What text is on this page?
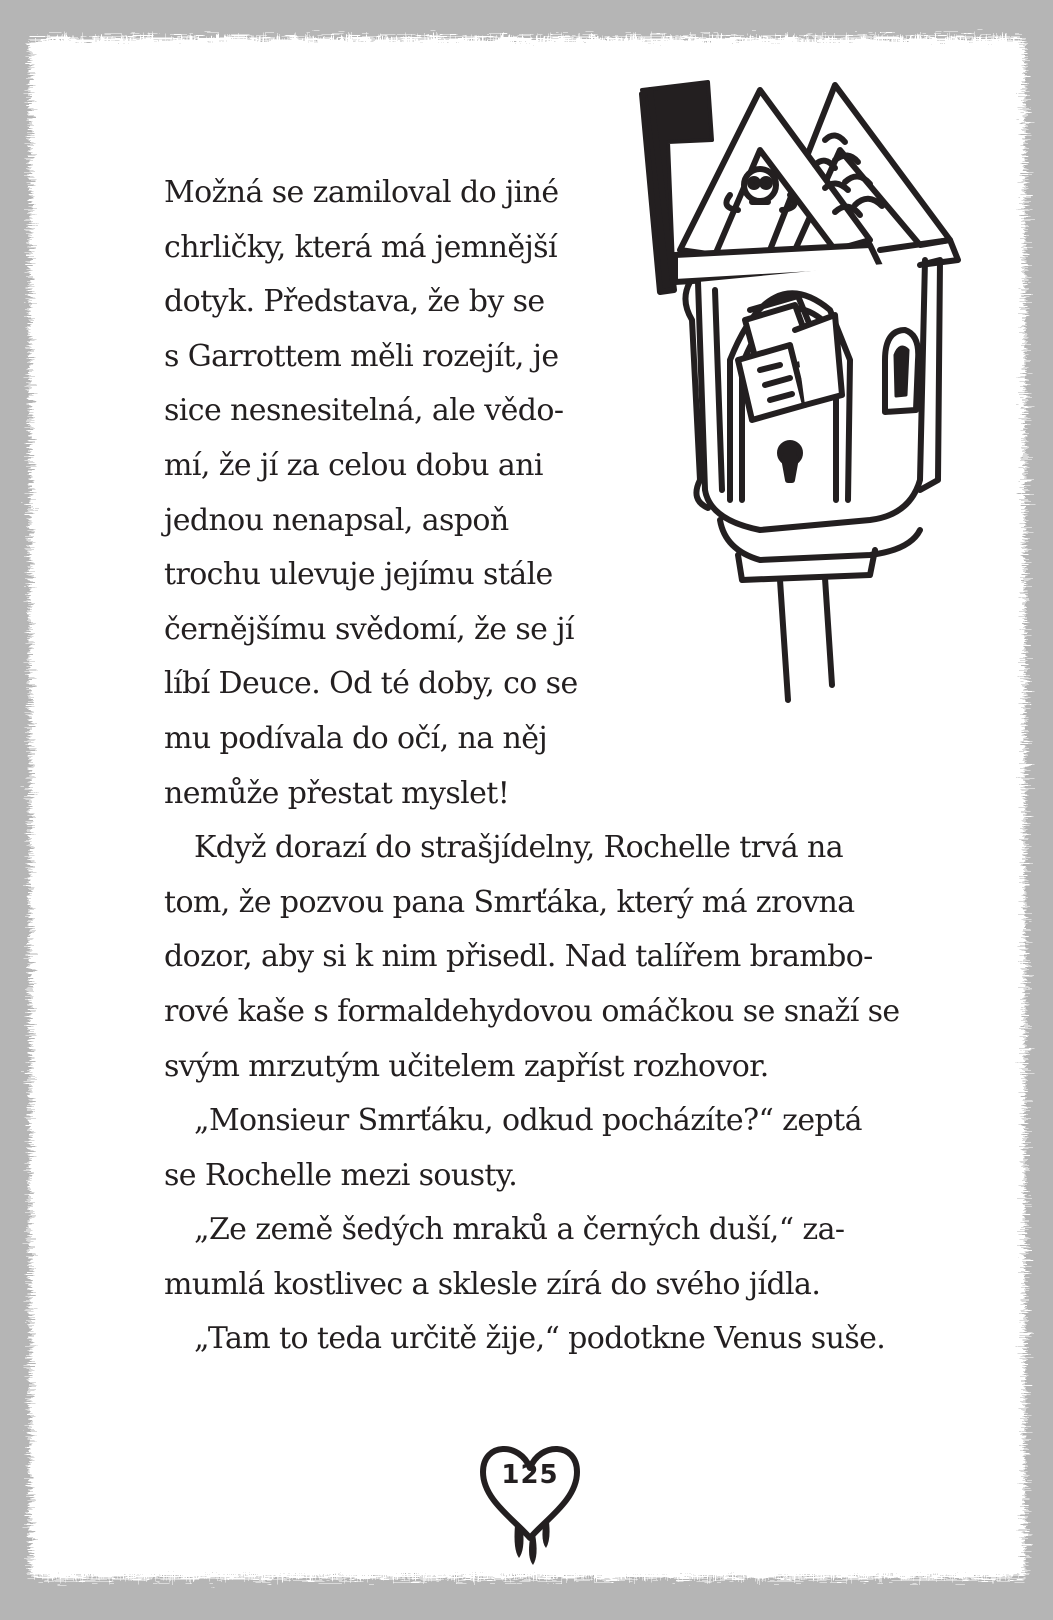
Možná se zamiloval do jiné
chrličky, která má jemnější
dotyk. Představa, že by se
s Garrottem měli rozejít, je
sice nesnesitelná, ale vědo-
mí, že jí za celou dobu ani
jednou nenapsal, aspoň
trochu ulevuje jejímu stále
černějšímu svědomí, že se jí
líbí Deuce. Od té doby, co se
mu podívala do očí, na něj
nemůže přestat myslet!
Když dorazí do strašjídelny, Rochelle trvá na
tom, že pozvou pana Smrťáka, který má zrovna
dozor, aby si k nim přisedl. Nad talířem brambo-
rové kaše s formaldehydovou omáčkou se snaží se
svým mrzutým učitelem zapříst rozhovor.
„Monsieur Smrťáku, odkud pocházíte?“ zeptá
se Rochelle mezi sousty.
„Ze země šedých mraků a černých duší,“ za-
mumlá kostlivec a sklesle zírá do svého jídla.
„Tam to teda určitě žije,“ podotkne Venus suše.
125
